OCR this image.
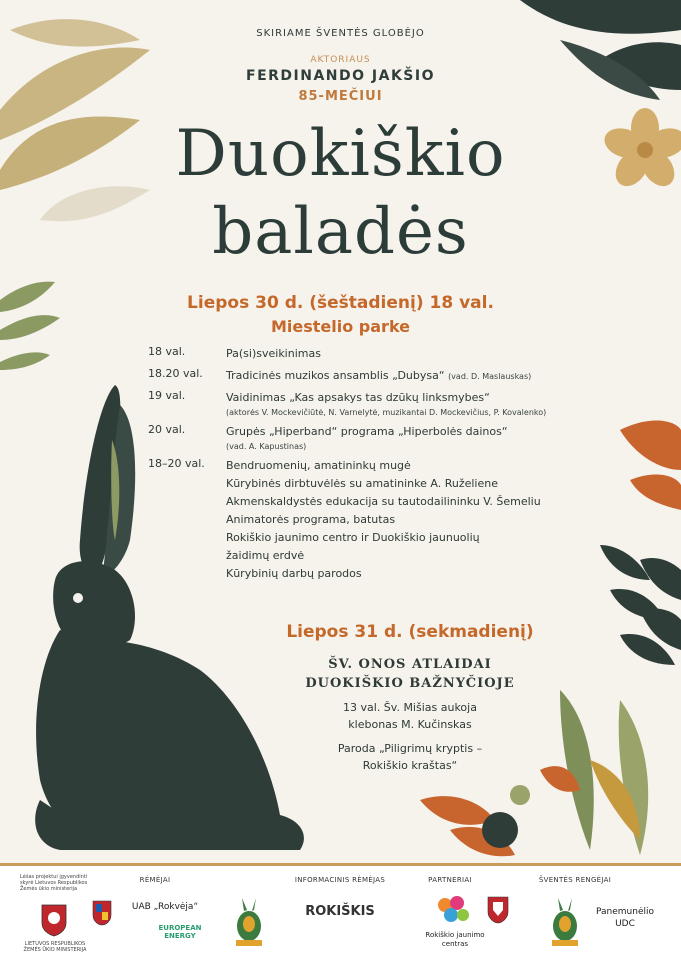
SKIRIAME ŠVENTĖS GLOBĖJO
AKTORIAUS
FERDINANDO JAKŠIO
85-MEČIUI
Duokiškio
baladės
Liepos 30 d. (šeštadienį) 18 val.
Miestelio parke
18 val.	Pa(si)sveikinimas
18.20 val.	Tradicinės muzikos ansamblis „Dubysa“ (vad. D. Maslauskas)
19 val.	Vaidinimas „Kas apsakys tas dzūkų linksmybes“
(aktorės V. Mockevičiūtė, N. Varnelytė, muzikantai D. Mockevičius, P. Kovalenko)
20 val.	Grupės „Hiperband“ programa „Hiperbolės dainos“
(vad. A. Kapustinas)
18–20 val.	Bendruomenių, amatininkų mugė
Kūrybinės dirbtuvėlės su amatininke A. Ruželiene
Akmenskaldystės edukacija su tautodailininku V. Šemeliu
Animatorės programa, batutas
Rokiškio jaunimo centro ir Duokiškio jaunuolių
žaidimų erdvė
Kūrybinių darbų parodos
Liepos 31 d. (sekmadienį)
ŠV. ONOS ATLAIDAI
DUOKIŠKIO BAŽNYČIOJE
13 val. Šv. Mišias aukoja
klebonas M. Kučinskas
Paroda „Piligrimų kryptis –
Rokiškio kraštas“
Lėšas projektui įgyvendinti skyrė Lietuvos Respublikos Žemės ūkio ministerija
LIETUVOS RESPUBLIKOS ŽEMĖS ŪKIO MINISTERIJA
RĖMĖJAI
UAB „Rokvėja“
EUROPEAN
ENERGY
INFORMACINIS RĖMĖJAS
ROKIŠKIS
PARTNERIAI
Rokiškio jaunimo
centras
ŠVENTĖS RENGĖJAI
Panemunėlio
UDC
